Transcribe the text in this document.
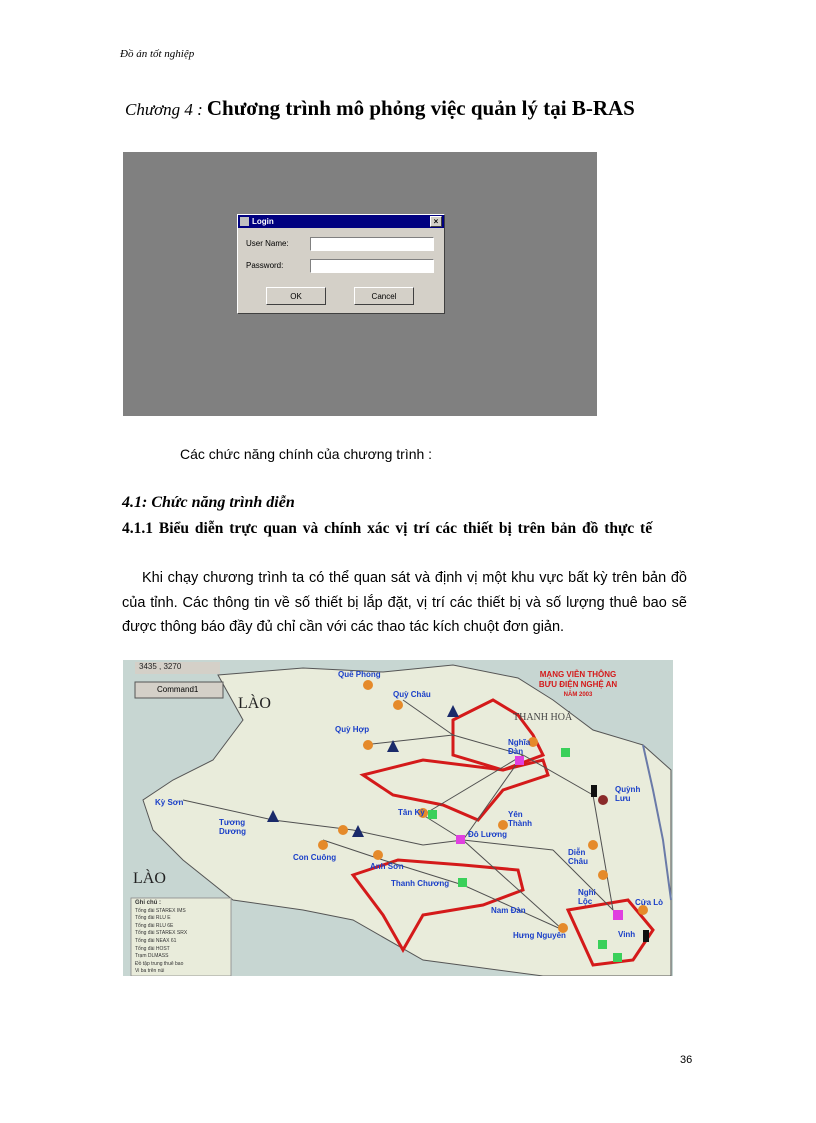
Đồ án tốt nghiệp
Chương 4 : Chương trình mô phỏng việc quản lý tại B-RAS
Login	×
User Name:
Password:
OK	Cancel
Các chức năng chính của chương trình :
4.1: Chức năng trình diễn
4.1.1 Biểu diễn trực quan và chính xác vị trí các thiết bị trên bản đồ thực tế
Khi chạy chương trình ta có thể quan sát và định vị một khu vực bất kỳ trên bản đồ của tỉnh. Các thông tin về số thiết bị lắp đặt, vị trí các thiết bị và số lượng thuê bao sẽ được thông báo đầy đủ chỉ cần với các thao tác kích chuột đơn giản.
3435 , 3270
Command1
MẠNG VIỄN THÔNG
BƯU ĐIỆN NGHỆ AN
NĂM 2003
LÀO
LÀO
THANH HOÁ
Quế Phong
Quỳ Châu
Quỳ Hợp
Nghĩa Đàn
Kỳ Sơn
Tương Dương
Con Cuông
Anh Sơn
Tân Kỳ
Đô Lương
Yên Thành
Quỳnh Lưu
Diễn Châu
Nghi Lộc	Cửa Lò
Thanh Chương
Nam Đàn
Hưng Nguyên	Vinh
Ghi chú :
Tổng đài STAREX IMS
Tổng đài RLU E
Tổng đài RLU 6E
Tổng đài STAREX SRX
Tổng đài NEAX 61
Tổng đài HOST
Trạm DLMASS
Đồ tập trung thuê bao
Vi ba trên núi
36
